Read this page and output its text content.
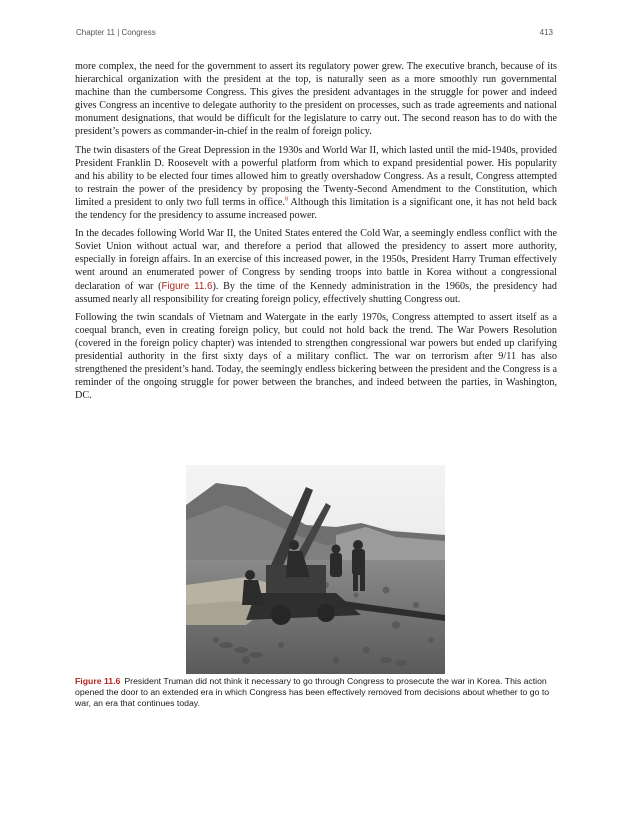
Chapter 11 | Congress	413

more complex, the need for the government to assert its regulatory power grew. The executive branch, because of its hierarchical organization with the president at the top, is naturally seen as a more smoothly run governmental machine than the cumbersome Congress. This gives the president advantages in the struggle for power and indeed gives Congress an incentive to delegate authority to the president on processes, such as trade agreements and national monument designations, that would be difficult for the legislature to carry out. The second reason has to do with the president’s powers as commander-in-chief in the realm of foreign policy.

The twin disasters of the Great Depression in the 1930s and World War II, which lasted until the mid-1940s, provided President Franklin D. Roosevelt with a powerful platform from which to expand presidential power. His popularity and his ability to be elected four times allowed him to greatly overshadow Congress. As a result, Congress attempted to restrain the power of the presidency by proposing the Twenty-Second Amendment to the Constitution, which limited a president to only two full terms in office.$^8$ Although this limitation is a significant one, it has not held back the tendency for the presidency to assume increased power.

In the decades following World War II, the United States entered the Cold War, a seemingly endless conflict with the Soviet Union without actual war, and therefore a period that allowed the presidency to assert more authority, especially in foreign affairs. In an exercise of this increased power, in the 1950s, President Harry Truman effectively went around an enumerated power of Congress by sending troops into battle in Korea without a congressional declaration of war (Figure 11.6). By the time of the Kennedy administration in the 1960s, the presidency had assumed nearly all responsibility for creating foreign policy, effectively shutting Congress out.

Following the twin scandals of Vietnam and Watergate in the early 1970s, Congress attempted to assert itself as a coequal branch, even in creating foreign policy, but could not hold back the trend. The War Powers Resolution (covered in the foreign policy chapter) was intended to strengthen congressional war powers but ended up clarifying presidential authority in the first sixty days of a military conflict. The war on terrorism after 9/11 has also strengthened the president’s hand. Today, the seemingly endless bickering between the president and the Congress is a reminder of the ongoing struggle for power between the branches, and indeed between the parties, in Washington, DC.

Figure 11.6 President Truman did not think it necessary to go through Congress to prosecute the war in Korea. This action opened the door to an extended era in which Congress has been effectively removed from decisions about whether to go to war, an era that continues today.
